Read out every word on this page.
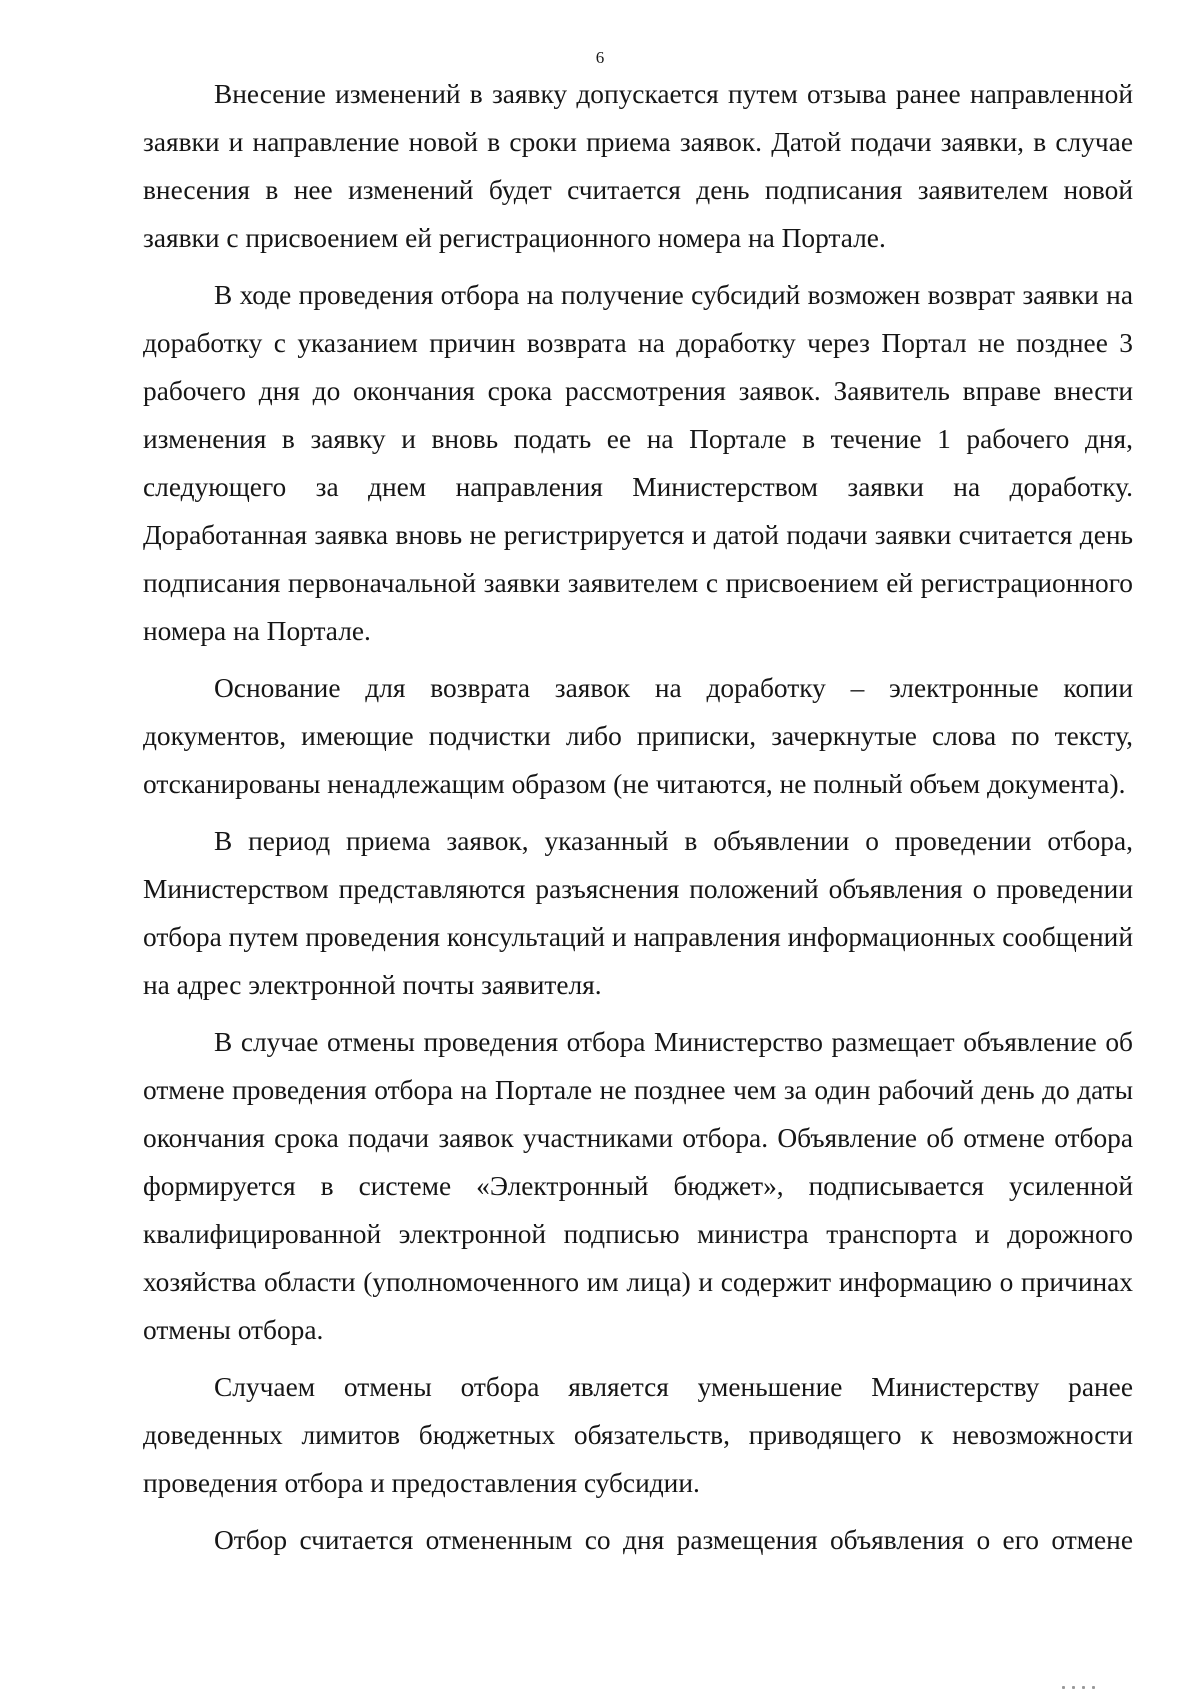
6

Внесение изменений в заявку допускается путем отзыва ранее направленной заявки и направление новой в сроки приема заявок. Датой подачи заявки, в случае внесения в нее изменений будет считается день подписания заявителем новой заявки с присвоением ей регистрационного номера на Портале.

В ходе проведения отбора на получение субсидий возможен возврат заявки на доработку с указанием причин возврата на доработку через Портал не позднее 3 рабочего дня до окончания срока рассмотрения заявок. Заявитель вправе внести изменения в заявку и вновь подать ее на Портале в течение 1 рабочего дня, следующего за днем направления Министерством заявки на доработку. Доработанная заявка вновь не регистрируется и датой подачи заявки считается день подписания первоначальной заявки заявителем с присвоением ей регистрационного номера на Портале.

Основание для возврата заявок на доработку – электронные копии документов, имеющие подчистки либо приписки, зачеркнутые слова по тексту, отсканированы ненадлежащим образом (не читаются, не полный объем документа).

В период приема заявок, указанный в объявлении о проведении отбора, Министерством представляются разъяснения положений объявления о проведении отбора путем проведения консультаций и направления информационных сообщений на адрес электронной почты заявителя.

В случае отмены проведения отбора Министерство размещает объявление об отмене проведения отбора на Портале не позднее чем за один рабочий день до даты окончания срока подачи заявок участниками отбора. Объявление об отмене отбора формируется в системе «Электронный бюджет», подписывается усиленной квалифицированной электронной подписью министра транспорта и дорожного хозяйства области (уполномоченного им лица) и содержит информацию о причинах отмены отбора.

Случаем отмены отбора является уменьшение Министерству ранее доведенных лимитов бюджетных обязательств, приводящего к невозможности проведения отбора и предоставления субсидии.

Отбор считается отмененным со дня размещения объявления о его отмене
